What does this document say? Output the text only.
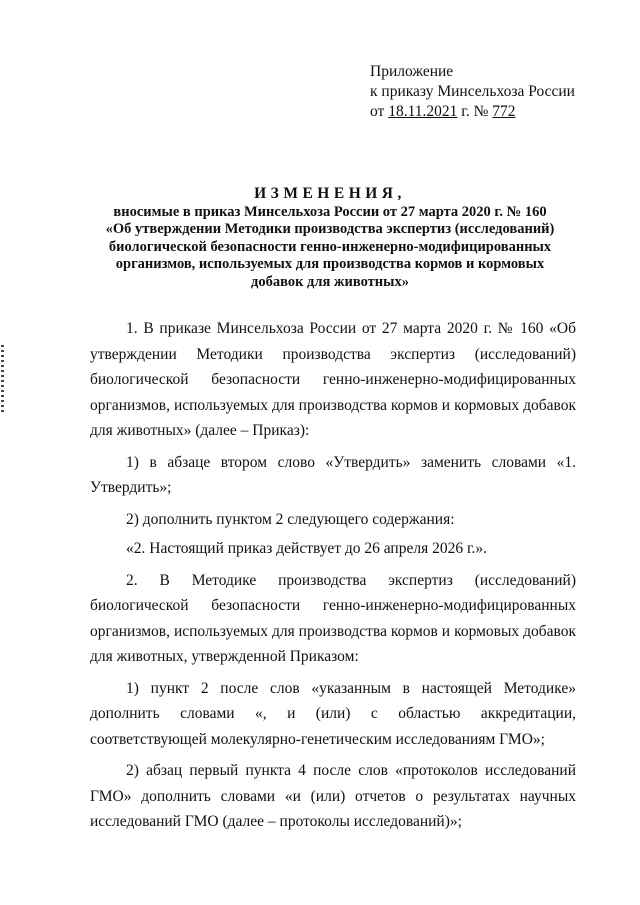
Приложение
к приказу Минсельхоза России
от 18.11.2021 г. № 772
ИЗМЕНЕНИЯ,
вносимые в приказ Минсельхоза России от 27 марта 2020 г. № 160
«Об утверждении Методики производства экспертиз (исследований)
биологической безопасности генно-инженерно-модифицированных
организмов, используемых для производства кормов и кормовых
добавок для животных»

1. В приказе Минсельхоза России от 27 марта 2020 г. № 160 «Об утверждении Методики производства экспертиз (исследований) биологической безопасности генно-инженерно-модифицированных организмов, используемых для производства кормов и кормовых добавок для животных» (далее – Приказ):

1) в абзаце втором слово «Утвердить» заменить словами «1. Утвердить»;

2) дополнить пунктом 2 следующего содержания:

«2. Настоящий приказ действует до 26 апреля 2026 г.».

2. В Методике производства экспертиз (исследований) биологической безопасности генно-инженерно-модифицированных организмов, используемых для производства кормов и кормовых добавок для животных, утвержденной Приказом:

1) пункт 2 после слов «указанным в настоящей Методике» дополнить словами «, и (или) с областью аккредитации, соответствующей молекулярно-генетическим исследованиям ГМО»;

2) абзац первый пункта 4 после слов «протоколов исследований ГМО» дополнить словами «и (или) отчетов о результатах научных исследований ГМО (далее – протоколы исследований)»;
